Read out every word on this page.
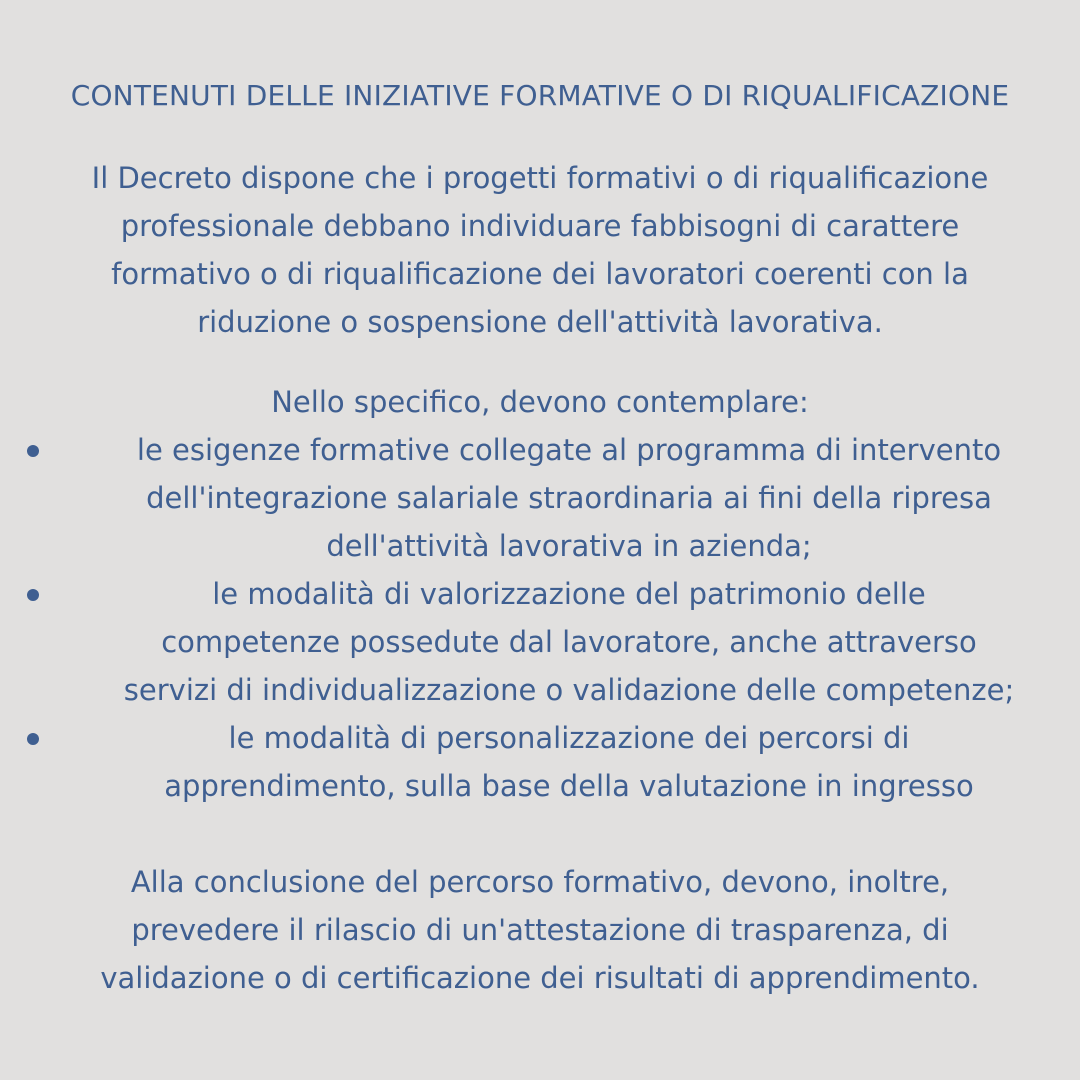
CONTENUTI DELLE INIZIATIVE FORMATIVE O DI RIQUALIFICAZIONE
Il Decreto dispone che i progetti formativi o di riqualificazione
professionale debbano individuare fabbisogni di carattere
formativo o di riqualificazione dei lavoratori coerenti con la
riduzione o sospensione dell'attività lavorativa.
Nello specifico, devono contemplare:
le esigenze formative collegate al programma di intervento
dell'integrazione salariale straordinaria ai fini della ripresa
dell'attività lavorativa in azienda;
le modalità di valorizzazione del patrimonio delle
competenze possedute dal lavoratore, anche attraverso
servizi di individualizzazione o validazione delle competenze;
le modalità di personalizzazione dei percorsi di
apprendimento, sulla base della valutazione in ingresso
Alla conclusione del percorso formativo, devono, inoltre,
prevedere il rilascio di un'attestazione di trasparenza, di
validazione o di certificazione dei risultati di apprendimento.
